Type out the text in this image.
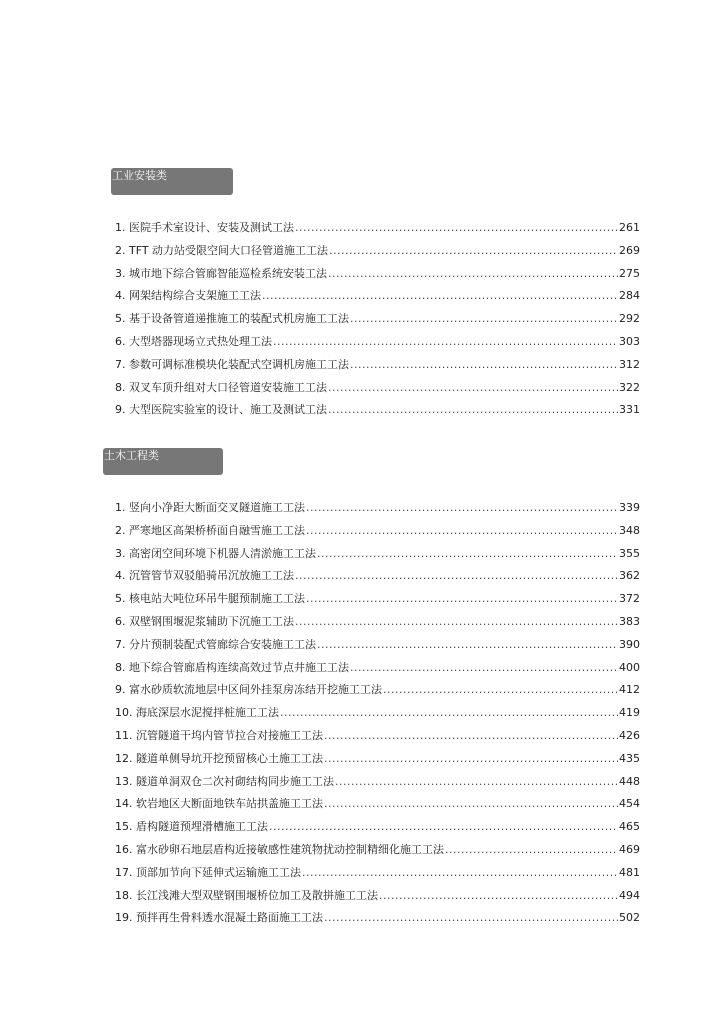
工业安装类
1. 医院手术室设计、安装及测试工法 .....	261
2. TFT 动力站受限空间大口径管道施工工法 .....	269
3. 城市地下综合管廊智能巡检系统安装工法 .....	275
4. 网架结构综合支架施工工法 .....	284
5. 基于设备管道递推施工的装配式机房施工工法 .....	292
6. 大型塔器现场立式热处理工法 .....	303
7. 参数可调标准模块化装配式空调机房施工工法 .....	312
8. 双叉车顶升组对大口径管道安装施工工法 .....	322
9. 大型医院实验室的设计、施工及测试工法 .....	331
土木工程类
1. 竖向小净距大断面交叉隧道施工工法 .....	339
2. 严寒地区高架桥桥面自融雪施工工法 .....	348
3. 高密闭空间环境下机器人清淤施工工法 .....	355
4. 沉管管节双驳船骑吊沉放施工工法 .....	362
5. 核电站大吨位环吊牛腿预制施工工法 .....	372
6. 双壁钢围堰泥浆辅助下沉施工工法 .....	383
7. 分片预制装配式管廊综合安装施工工法 .....	390
8. 地下综合管廊盾构连续高效过节点井施工工法 .....	400
9. 富水砂质软流地层中区间外挂泵房冻结开挖施工工法 .....	412
10. 海底深层水泥搅拌桩施工工法 .....	419
11. 沉管隧道干坞内管节拉合对接施工工法 .....	426
12. 隧道单侧导坑开挖预留核心土施工工法 .....	435
13. 隧道单洞双仓二次衬砌结构同步施工工法 .....	448
14. 软岩地区大断面地铁车站拱盖施工工法 .....	454
15. 盾构隧道预埋滑槽施工工法 .....	465
16. 富水砂卵石地层盾构近接敏感性建筑物扰动控制精细化施工工法 .....	469
17. 顶部加节向下延伸式运输施工工法 .....	481
18. 长江浅滩大型双壁钢围堰桥位加工及散拼施工工法 .....	494
19. 预拌再生骨料透水混凝土路面施工工法 .....	502
